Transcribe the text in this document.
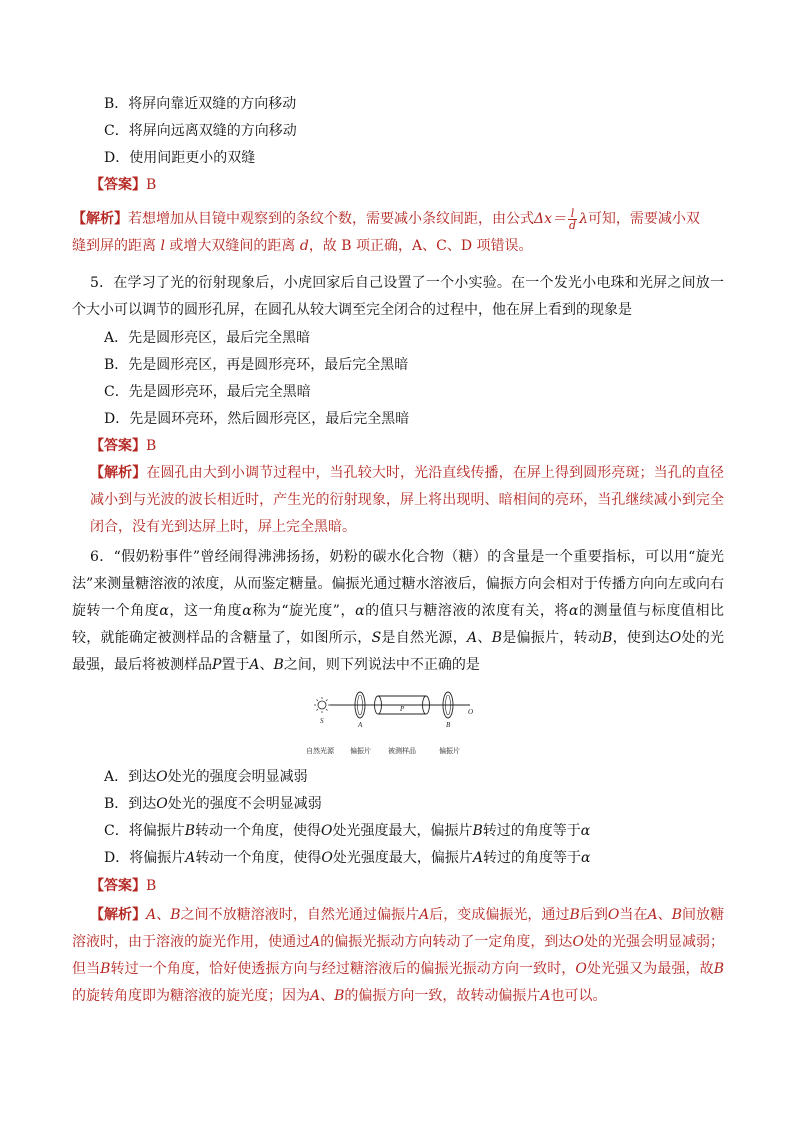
B．将屏向靠近双缝的方向移动
C．将屏向远离双缝的方向移动
D．使用间距更小的双缝
【答案】B
【解析】若想增加从目镜中观察到的条纹个数，需要减小条纹间距，由公式$\Delta x= \frac{l}{d}$ λ可知，需要减小双
缝到屏的距离 l 或增大双缝间的距离 d，故 B 项正确，A、C、D 项错误。
5．在学习了光的衍射现象后，小虎回家后自己设置了一个小实验。在一个发光小电珠和光屏之间放一个大小可以调节的圆形孔屏，在圆孔从较大调至完全闭合的过程中，他在屏上看到的现象是
A．先是圆形亮区，最后完全黑暗
B．先是圆形亮区，再是圆形亮环，最后完全黑暗
C．先是圆形亮环，最后完全黑暗
D．先是圆环亮环，然后圆形亮区，最后完全黑暗
【答案】B
【解析】在圆孔由大到小调节过程中，当孔较大时，光沿直线传播，在屏上得到圆形亮斑；当孔的直径减小到与光波的波长相近时，产生光的衍射现象，屏上将出现明、暗相间的亮环，当孔继续减小到完全闭合，没有光到达屏上时，屏上完全黑暗。
6．“假奶粉事件”曾经闹得沸沸扬扬，奶粉的碳水化合物（糖）的含量是一个重要指标，可以用“旋光法”来测量糖溶液的浓度，从而鉴定糖量。偏振光通过糖水溶液后，偏振方向会相对于传播方向向左或向右旋转一个角度α，这一角度α称为“旋光度”，α的值只与糖溶液的浓度有关，将α的测量值与标度值相比较，就能确定被测样品的含糖量了，如图所示，S是自然光源，A、B是偏振片，转动B，使到达O处的光最强，最后将被测样品P置于A、B之间，则下列说法中不正确的是
S	A
P
B
O
自然光源 偏振片 被测样品	偏振片
A．到达O处光的强度会明显减弱
B．到达O处光的强度不会明显减弱
C．将偏振片B转动一个角度，使得O处光强度最大，偏振片B转过的角度等于α
D．将偏振片A转动一个角度，使得O处光强度最大，偏振片A转过的角度等于α
【答案】B
【解析】A、B之间不放糖溶液时，自然光通过偏振片A后，变成偏振光，通过B后到O当在A、B间放糖溶液时，由于溶液的旋光作用，使通过A的偏振光振动方向转动了一定角度，到达O处的光强会明显减弱；但当B转过一个角度，恰好使透振方向与经过糖溶液后的偏振光振动方向一致时，O处光强又为最强，故B的旋转角度即为糖溶液的旋光度；因为A、B的偏振方向一致，故转动偏振片A也可以。
